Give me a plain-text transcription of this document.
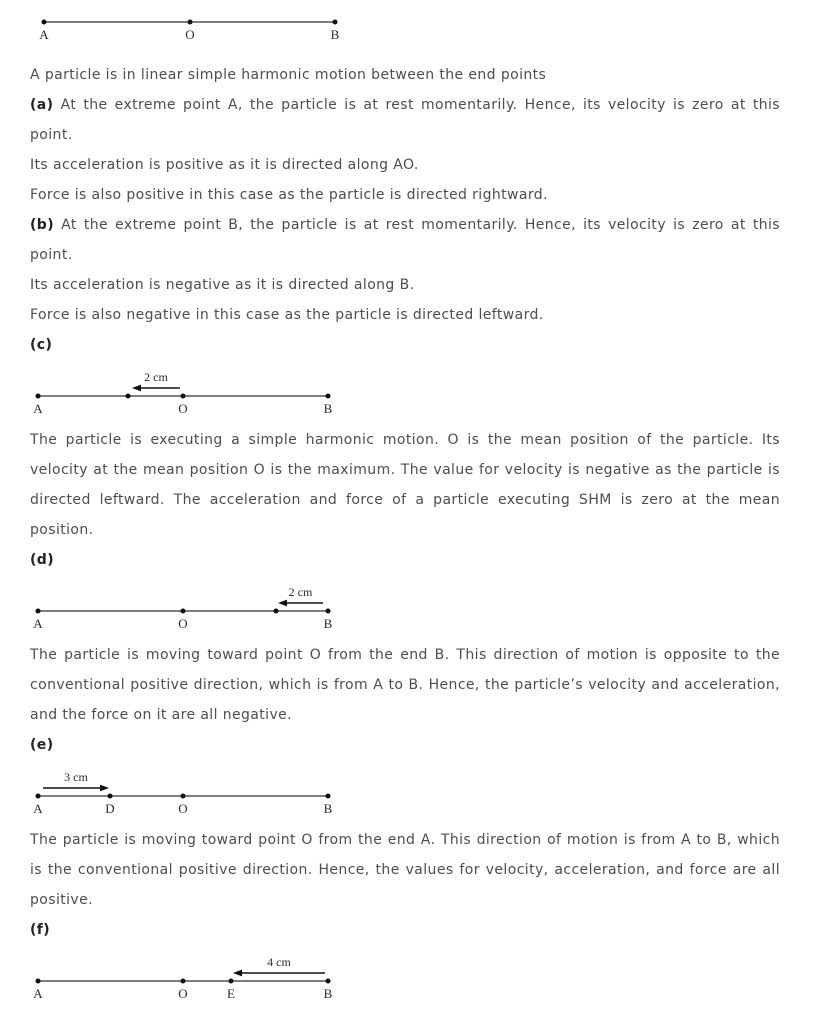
A	O	B

A particle is in linear simple harmonic motion between the end points

(a) At the extreme point A, the particle is at rest momentarily. Hence, its velocity is zero at this point.

Its acceleration is positive as it is directed along AO.

Force is also positive in this case as the particle is directed rightward.

(b) At the extreme point B, the particle is at rest momentarily. Hence, its velocity is zero at this point.

Its acceleration is negative as it is directed along B.

Force is also negative in this case as the particle is directed leftward.

(c)

A	O	B
2 cm

The particle is executing a simple harmonic motion. O is the mean position of the particle. Its velocity at the mean position O is the maximum. The value for velocity is negative as the particle is directed leftward. The acceleration and force of a particle executing SHM is zero at the mean position.

(d)

A	O	B
2 cm

The particle is moving toward point O from the end B. This direction of motion is opposite to the conventional positive direction, which is from A to B. Hence, the particle’s velocity and acceleration, and the force on it are all negative.

(e)

A	D	O	B
3 cm

The particle is moving toward point O from the end A. This direction of motion is from A to B, which is the conventional positive direction. Hence, the values for velocity, acceleration, and force are all positive.

(f)

A	O	E	B
4 cm
